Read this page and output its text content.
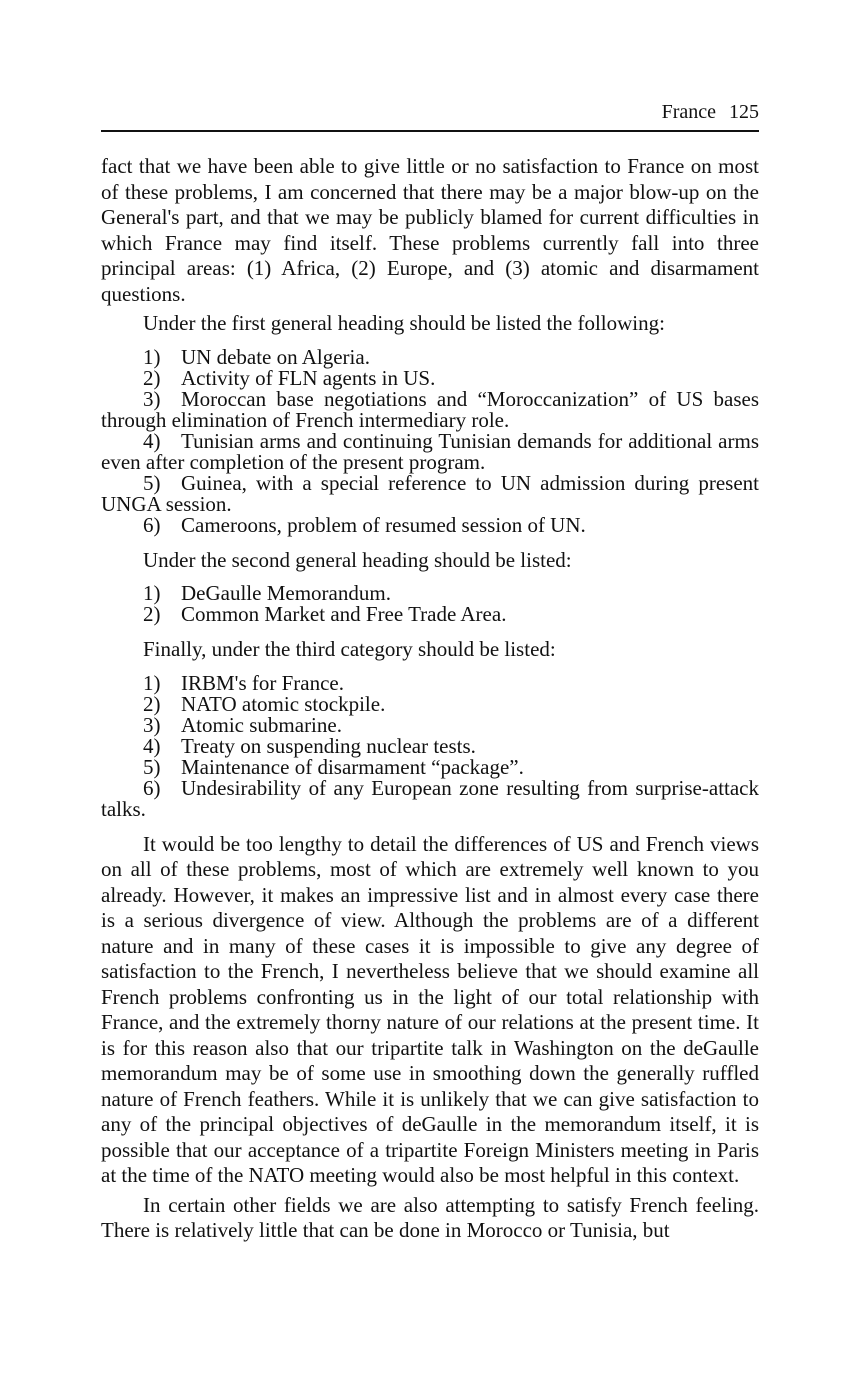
France 125

fact that we have been able to give little or no satisfaction to France on most of these problems, I am concerned that there may be a major blow-up on the General's part, and that we may be publicly blamed for current difficulties in which France may find itself. These problems currently fall into three principal areas: (1) Africa, (2) Europe, and (3) atomic and disarmament questions.

Under the first general heading should be listed the following:

1) UN debate on Algeria.
2) Activity of FLN agents in US.
3) Moroccan base negotiations and “Moroccanization” of US bases through elimination of French intermediary role.
4) Tunisian arms and continuing Tunisian demands for additional arms even after completion of the present program.
5) Guinea, with a special reference to UN admission during present UNGA session.
6) Cameroons, problem of resumed session of UN.

Under the second general heading should be listed:

1) DeGaulle Memorandum.
2) Common Market and Free Trade Area.

Finally, under the third category should be listed:

1) IRBM's for France.
2) NATO atomic stockpile.
3) Atomic submarine.
4) Treaty on suspending nuclear tests.
5) Maintenance of disarmament “package”.
6) Undesirability of any European zone resulting from surprise-attack talks.

It would be too lengthy to detail the differences of US and French views on all of these problems, most of which are extremely well known to you already. However, it makes an impressive list and in almost every case there is a serious divergence of view. Although the problems are of a different nature and in many of these cases it is impossible to give any degree of satisfaction to the French, I nevertheless believe that we should examine all French problems confronting us in the light of our total relationship with France, and the extremely thorny nature of our relations at the present time. It is for this reason also that our tripartite talk in Washington on the deGaulle memorandum may be of some use in smoothing down the generally ruffled nature of French feathers. While it is unlikely that we can give satisfaction to any of the principal objectives of deGaulle in the memorandum itself, it is possible that our acceptance of a tripartite Foreign Ministers meeting in Paris at the time of the NATO meeting would also be most helpful in this context.

In certain other fields we are also attempting to satisfy French feeling. There is relatively little that can be done in Morocco or Tunisia, but
